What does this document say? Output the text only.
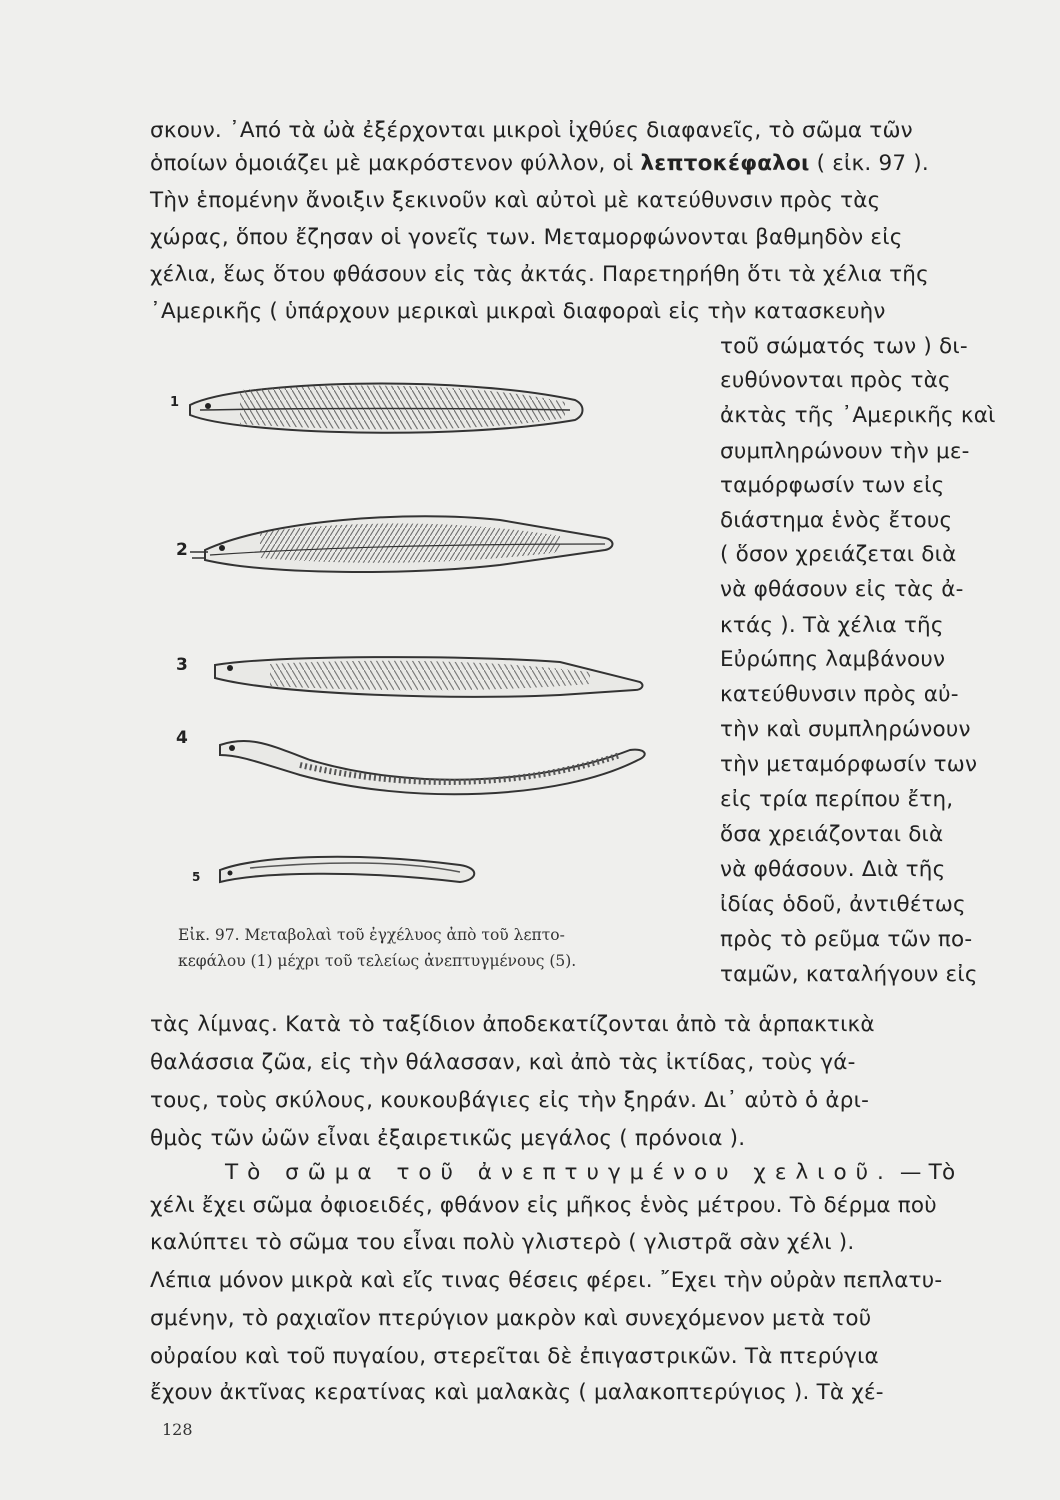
σκουν. ᾿Από τὰ ὠὰ ἐξέρχονται μικροὶ ἰχθύες διαφανεῖς, τὸ σῶμα τῶν
ὁποίων ὁμοιάζει μὲ μακρόστενον φύλλον, οἱ λεπτοκέφαλοι ( εἰκ. 97 ).
Τὴν ἑπομένην ἄνοιξιν ξεκινοῦν καὶ αὐτοὶ μὲ κατεύθυνσιν πρὸς τὰς
χώρας, ὅπου ἔζησαν οἱ γονεῖς των. Μεταμορφώνονται βαθμηδὸν εἰς
χέλια, ἕως ὅτου φθάσουν εἰς τὰς ἀκτάς. Παρετηρήθη ὅτι τὰ χέλια τῆς
᾿Αμερικῆς ( ὑπάρχουν μερικαὶ μικραὶ διαφοραὶ εἰς τὴν κατασκευὴν
τοῦ σώματός των ) δι-
ευθύνονται πρὸς τὰς
ἀκτὰς τῆς ᾿Αμερικῆς καὶ
συμπληρώνουν τὴν με-
ταμόρφωσίν των εἰς
διάστημα ἑνὸς ἔτους
( ὅσον χρειάζεται διὰ
νὰ φθάσουν εἰς τὰς ἀ-
κτάς ). Τὰ χέλια τῆς
Εὐρώπης λαμβάνουν
κατεύθυνσιν πρὸς αὐ-
τὴν καὶ συμπληρώνουν
τὴν μεταμόρφωσίν των
εἰς τρία περίπου ἔτη,
ὅσα χρειάζονται διὰ
νὰ φθάσουν. Διὰ τῆς
ἰδίας ὁδοῦ, ἀντιθέτως
πρὸς τὸ ρεῦμα τῶν πο-
ταμῶν, καταλήγουν εἰς
1
2
3
4
5
Εἰκ. 97. Μεταβολαὶ τοῦ ἐγχέλυος ἀπὸ τοῦ λεπτο-
κεφάλου (1) μέχρι τοῦ τελείως ἀνεπτυγμένους (5).
τὰς λίμνας. Κατὰ τὸ ταξίδιον ἀποδεκατίζονται ἀπὸ τὰ ἁρπακτικὰ
θαλάσσια ζῶα, εἰς τὴν θάλασσαν, καὶ ἀπὸ τὰς ἰκτίδας, τοὺς γά-
τους, τοὺς σκύλους, κουκουβάγιες εἰς τὴν ξηράν. Δι᾿ αὐτὸ ὁ ἀρι-
θμὸς τῶν ὠῶν εἶναι ἐξαιρετικῶς μεγάλος ( πρόνοια ).
Τὸ σῶμα τοῦ ἀνεπτυγμένου χελιοῦ. — Τὸ
χέλι ἔχει σῶμα ὀφιοειδές, φθάνον εἰς μῆκος ἑνὸς μέτρου. Τὸ δέρμα ποὺ
καλύπτει τὸ σῶμα του εἶναι πολὺ γλιστερὸ ( γλιστρᾶ σὰν χέλι ).
Λέπια μόνον μικρὰ καὶ εἴς τινας θέσεις φέρει. ῎Εχει τὴν οὐρὰν πεπλατυ-
σμένην, τὸ ραχιαῖον πτερύγιον μακρὸν καὶ συνεχόμενον μετὰ τοῦ
οὐραίου καὶ τοῦ πυγαίου, στερεῖται δὲ ἐπιγαστρικῶν. Τὰ πτερύγια
ἔχουν ἀκτῖνας κερατίνας καὶ μαλακὰς ( μαλακοπτερύγιος ). Τὰ χέ-
128
